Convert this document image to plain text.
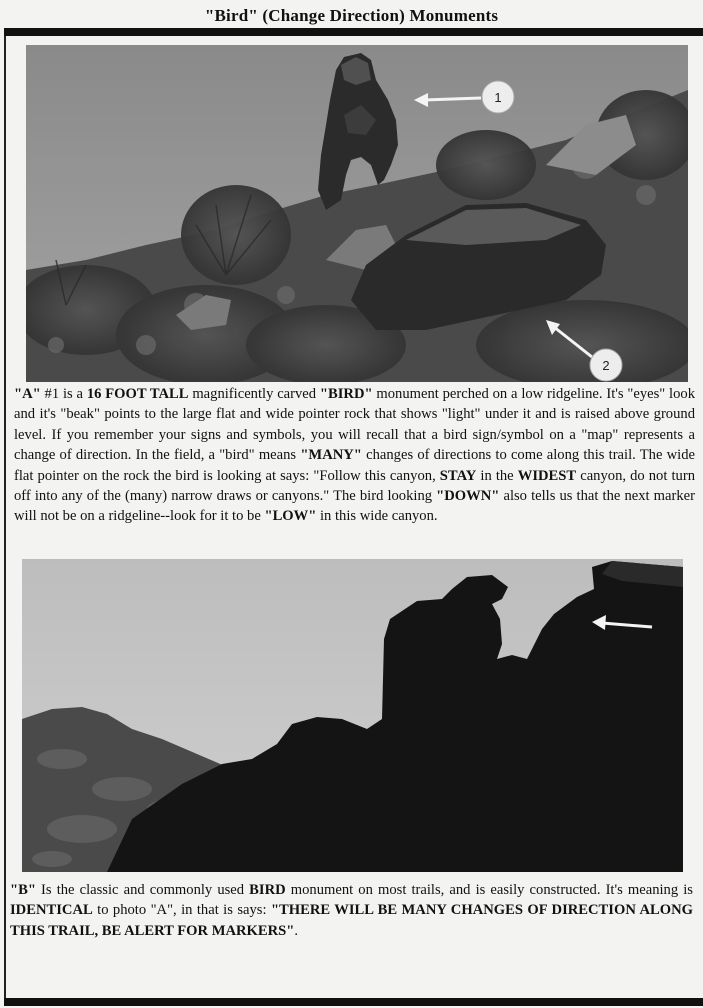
"Bird" (Change Direction) Monuments
1
2

"A" #1 is a 16 FOOT TALL magnificently carved "BIRD" monument perched on a low ridgeline. It's "eyes" look and it's "beak" points to the large flat and wide pointer rock that shows "light" under it and is raised above ground level. If you remember your signs and symbols, you will recall that a bird sign/symbol on a "map" represents a change of direction. In the field, a "bird" means "MANY" changes of directions to come along this trail. The wide flat pointer on the rock the bird is looking at says: "Follow this canyon, STAY in the WIDEST canyon, do not turn off into any of the (many) narrow draws or canyons." The bird looking "DOWN" also tells us that the next marker will not be on a ridgeline--look for it to be "LOW" in this wide canyon.

"B" Is the classic and commonly used BIRD monument on most trails, and is easily constructed. It's meaning is IDENTICAL to photo "A", in that is says: "THERE WILL BE MANY CHANGES OF DIRECTION ALONG THIS TRAIL, BE ALERT FOR MARKERS".
